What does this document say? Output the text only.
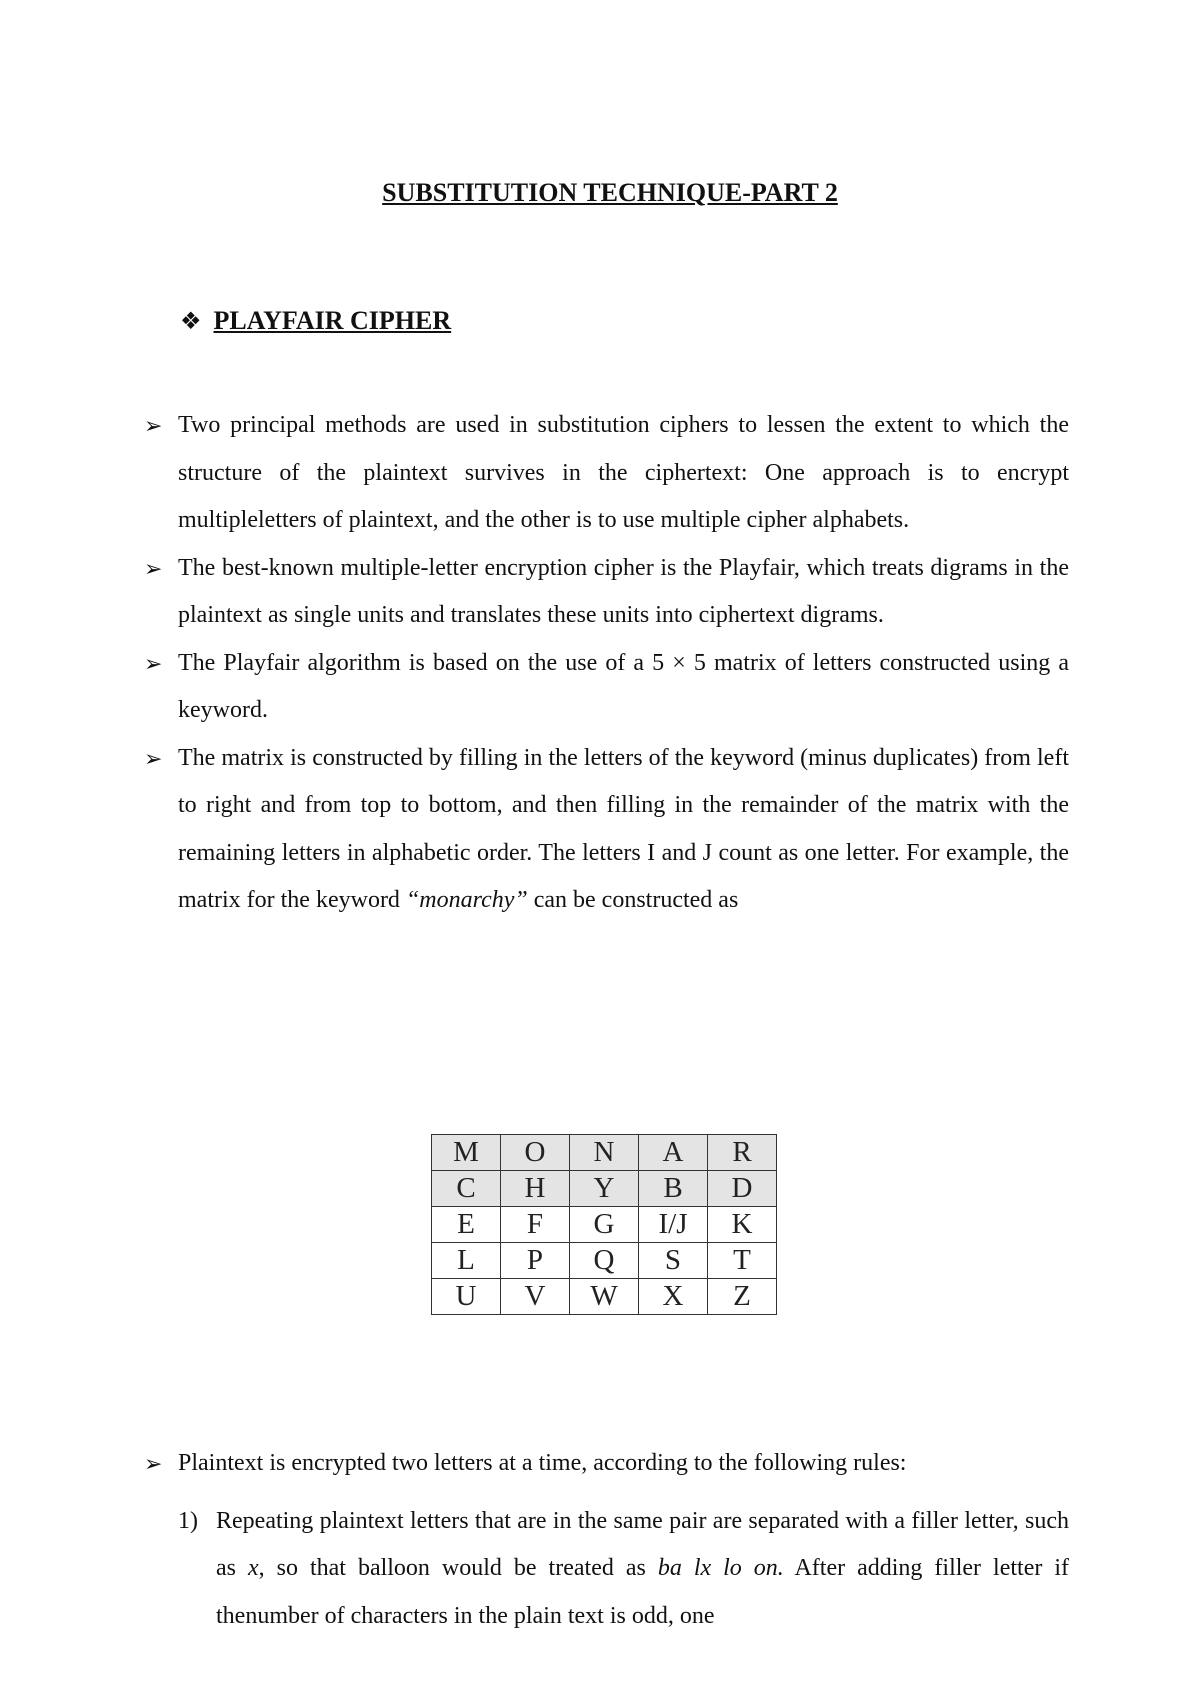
SUBSTITUTION TECHNIQUE-PART 2
❖ PLAYFAIR CIPHER
➢ Two principal methods are used in substitution ciphers to lessen the extent to which the structure of the plaintext survives in the ciphertext: One approach is to encrypt multipleletters of plaintext, and the other is to use multiple cipher alphabets.
➢ The best-known multiple-letter encryption cipher is the Playfair, which treats digrams in the plaintext as single units and translates these units into ciphertext digrams.
➢ The Playfair algorithm is based on the use of a 5 × 5 matrix of letters constructed using a keyword.
➢ The matrix is constructed by filling in the letters of the keyword (minus duplicates) from left to right and from top to bottom, and then filling in the remainder of the matrix with the remaining letters in alphabetic order. The letters I and J count as one letter. For example, the matrix for the keyword “monarchy” can be constructed as
M	O	N	A	R
C	H	Y	B	D
E	F	G	I/J	K
L	P	Q	S	T
U	V	W	X	Z
➢ Plaintext is encrypted two letters at a time, according to the following rules:
1) Repeating plaintext letters that are in the same pair are separated with a filler letter, such as x, so that balloon would be treated as ba lx lo on. After adding filler letter if thenumber of characters in the plain text is odd, one
